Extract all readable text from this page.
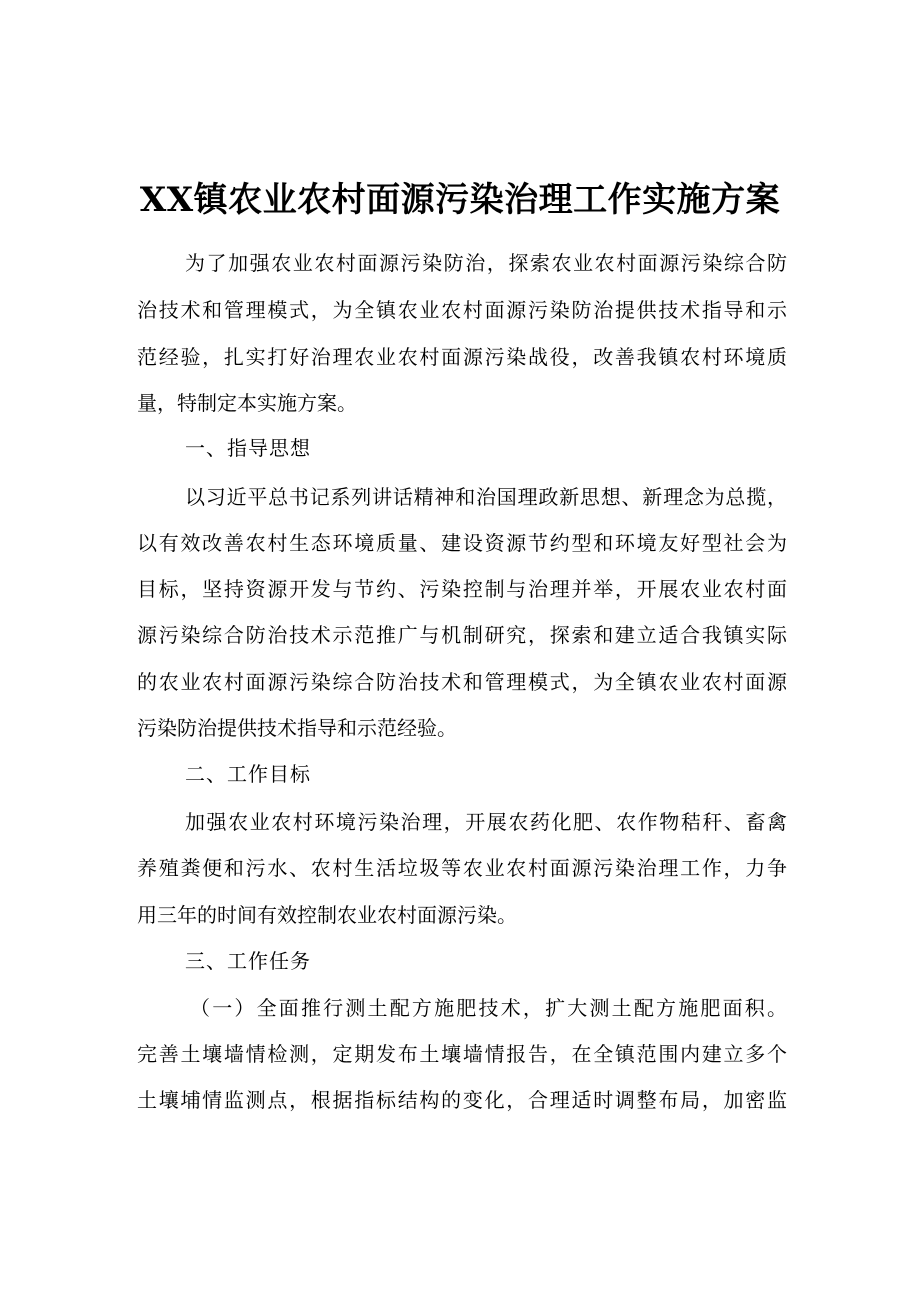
XX镇农业农村面源污染治理工作实施方案
为了加强农业农村面源污染防治，探索农业农村面源污染综合防
治技术和管理模式，为全镇农业农村面源污染防治提供技术指导和示
范经验，扎实打好治理农业农村面源污染战役，改善我镇农村环境质
量，特制定本实施方案。
一、指导思想
以习近平总书记系列讲话精神和治国理政新思想、新理念为总揽，
以有效改善农村生态环境质量、建设资源节约型和环境友好型社会为
目标，坚持资源开发与节约、污染控制与治理并举，开展农业农村面
源污染综合防治技术示范推广与机制研究，探索和建立适合我镇实际
的农业农村面源污染综合防治技术和管理模式，为全镇农业农村面源
污染防治提供技术指导和示范经验。
二、工作目标
加强农业农村环境污染治理，开展农药化肥、农作物秸秆、畜禽
养殖粪便和污水、农村生活垃圾等农业农村面源污染治理工作，力争
用三年的时间有效控制农业农村面源污染。
三、工作任务
（一）全面推行测土配方施肥技术，扩大测土配方施肥面积。
完善土壤墙情检测，定期发布土壤墙情报告，在全镇范围内建立多个
土壤埔情监测点，根据指标结构的变化，合理适时调整布局，加密监
